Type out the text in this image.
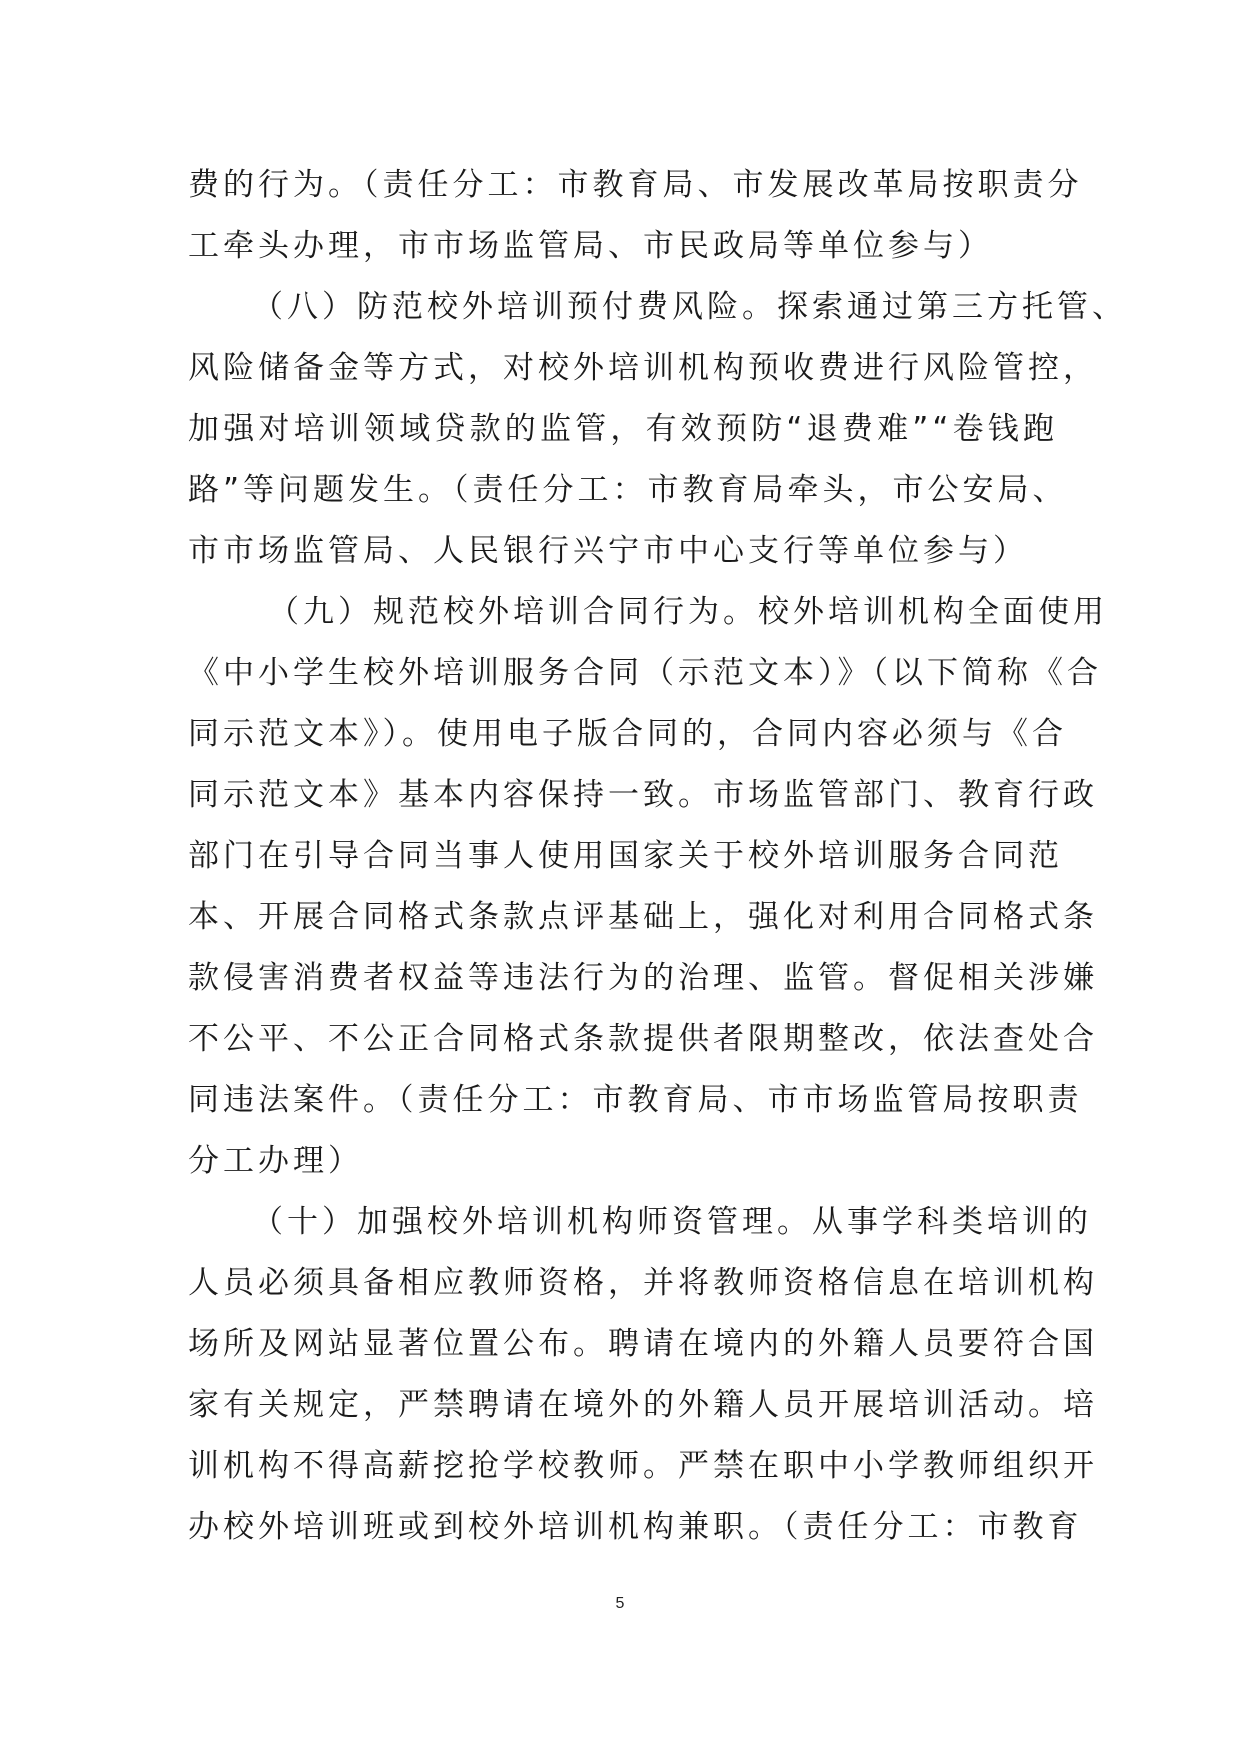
费的行为。（责任分工：市教育局、市发展改革局按职责分
工牵头办理，市市场监管局、市民政局等单位参与）
（八）防范校外培训预付费风险。探索通过第三方托管、
风险储备金等方式，对校外培训机构预收费进行风险管控，
加强对培训领域贷款的监管，有效预防“退费难”“卷钱跑
路”等问题发生。（责任分工：市教育局牵头，市公安局、
市市场监管局、人民银行兴宁市中心支行等单位参与）
（九）规范校外培训合同行为。校外培训机构全面使用
《中小学生校外培训服务合同（示范文本）》（以下简称《合
同示范文本》）。使用电子版合同的，合同内容必须与《合
同示范文本》基本内容保持一致。市场监管部门、教育行政
部门在引导合同当事人使用国家关于校外培训服务合同范
本、开展合同格式条款点评基础上，强化对利用合同格式条
款侵害消费者权益等违法行为的治理、监管。督促相关涉嫌
不公平、不公正合同格式条款提供者限期整改，依法查处合
同违法案件。（责任分工：市教育局、市市场监管局按职责
分工办理）
（十）加强校外培训机构师资管理。从事学科类培训的
人员必须具备相应教师资格，并将教师资格信息在培训机构
场所及网站显著位置公布。聘请在境内的外籍人员要符合国
家有关规定，严禁聘请在境外的外籍人员开展培训活动。培
训机构不得高薪挖抢学校教师。严禁在职中小学教师组织开
办校外培训班或到校外培训机构兼职。（责任分工：市教育
5
